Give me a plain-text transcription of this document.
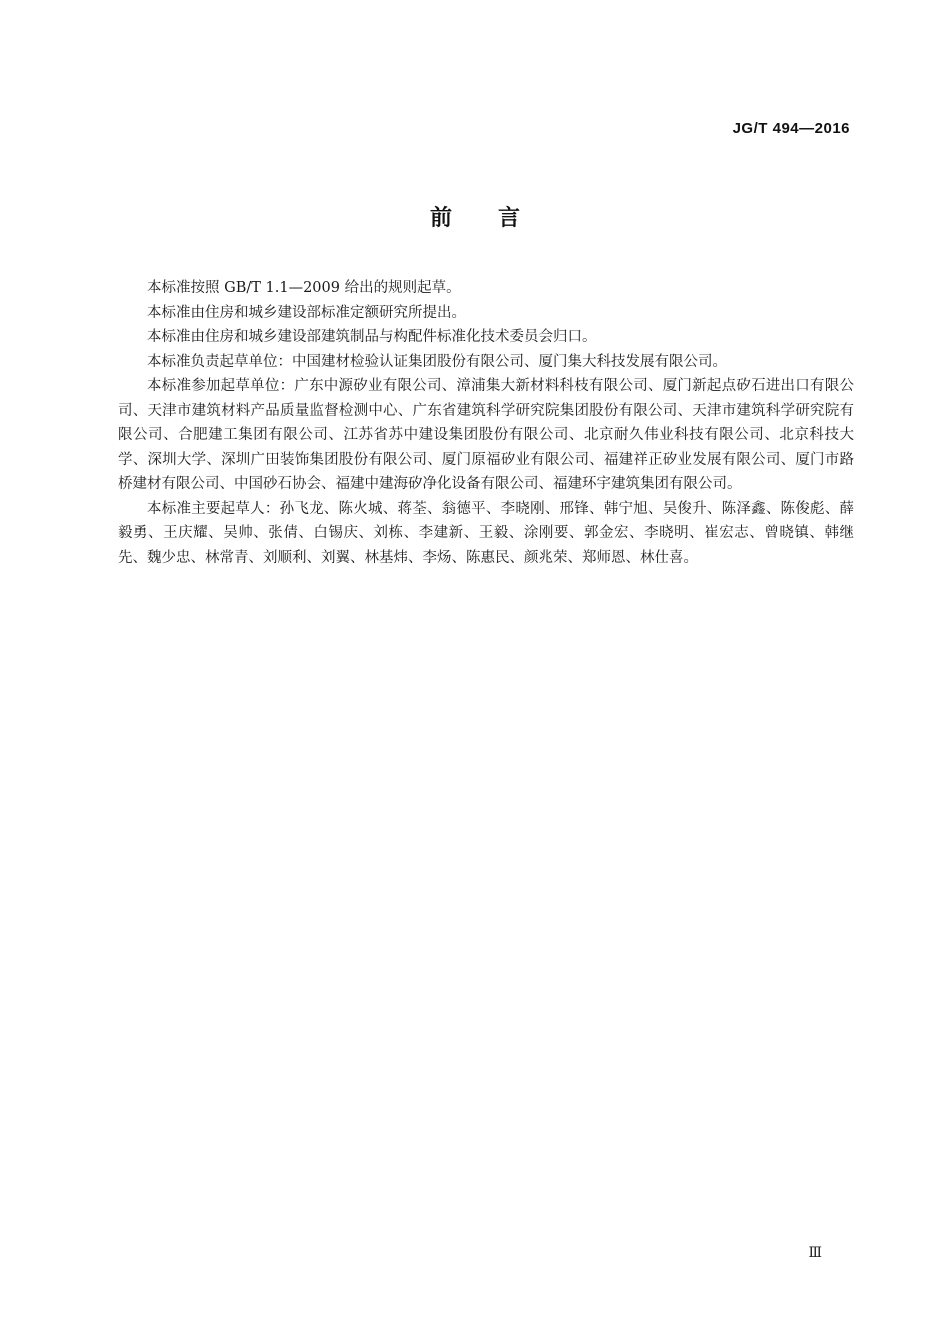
JG/T 494—2016
前言

本标准按照 GB/T 1.1—2009 给出的规则起草。

本标准由住房和城乡建设部标准定额研究所提出。

本标准由住房和城乡建设部建筑制品与构配件标准化技术委员会归口。

本标准负责起草单位：中国建材检验认证集团股份有限公司、厦门集大科技发展有限公司。

本标准参加起草单位：广东中源矽业有限公司、漳浦集大新材料科枝有限公司、厦门新起点矽石进出口有限公司、天津市建筑材料产品质量监督检测中心、广东省建筑科学研究院集团股份有限公司、天津市建筑科学研究院有限公司、合肥建工集团有限公司、江苏省苏中建设集团股份有限公司、北京耐久伟业科技有限公司、北京科技大学、深圳大学、深圳广田装饰集团股份有限公司、厦门原福矽业有限公司、福建祥正矽业发展有限公司、厦门市路桥建材有限公司、中国砂石协会、福建中建海矽净化设备有限公司、福建环宇建筑集团有限公司。

本标准主要起草人：孙飞龙、陈火城、蒋荃、翁德平、李晓刚、邢锋、韩宁旭、吴俊升、陈泽鑫、陈俊彪、薛毅勇、王庆耀、吴帅、张倩、白锡庆、刘栋、李建新、王毅、涂刚要、郭金宏、李晓明、崔宏志、曾晓镇、韩继先、魏少忠、林常青、刘顺利、刘翼、林基炜、李炀、陈惠民、颜兆荣、郑师恩、林仕喜。

Ⅲ
